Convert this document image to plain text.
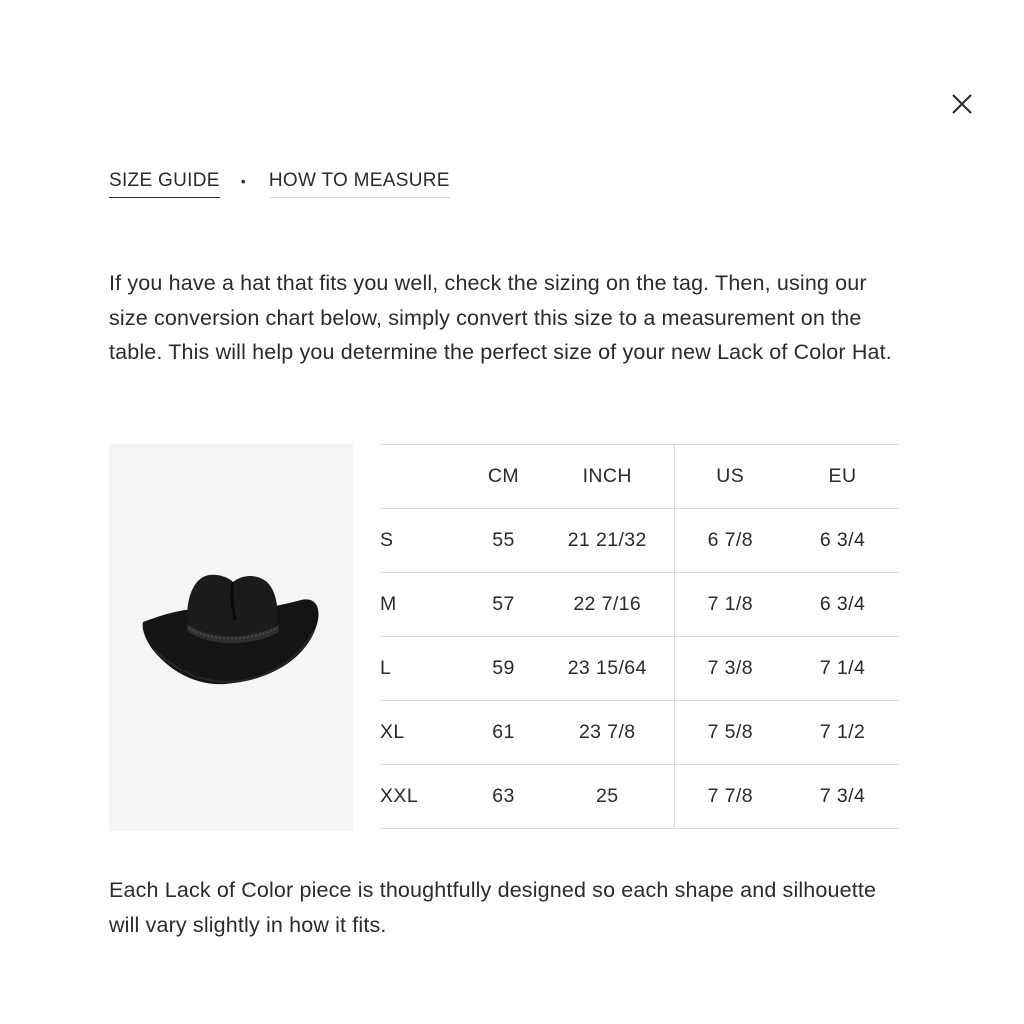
SIZE GUIDE • HOW TO MEASURE

If you have a hat that fits you well, check the sizing on the tag. Then, using our size conversion chart below, simply convert this size to a measurement on the table. This will help you determine the perfect size of your new Lack of Color Hat.

	CM	INCH	US	EU
S	55	21 21/32	6 7/8	6 3/4
M	57	22 7/16	7 1/8	6 3/4
L	59	23 15/64	7 3/8	7 1/4
XL	61	23 7/8	7 5/8	7 1/2
XXL	63	25	7 7/8	7 3/4

Each Lack of Color piece is thoughtfully designed so each shape and silhouette will vary slightly in how it fits.
